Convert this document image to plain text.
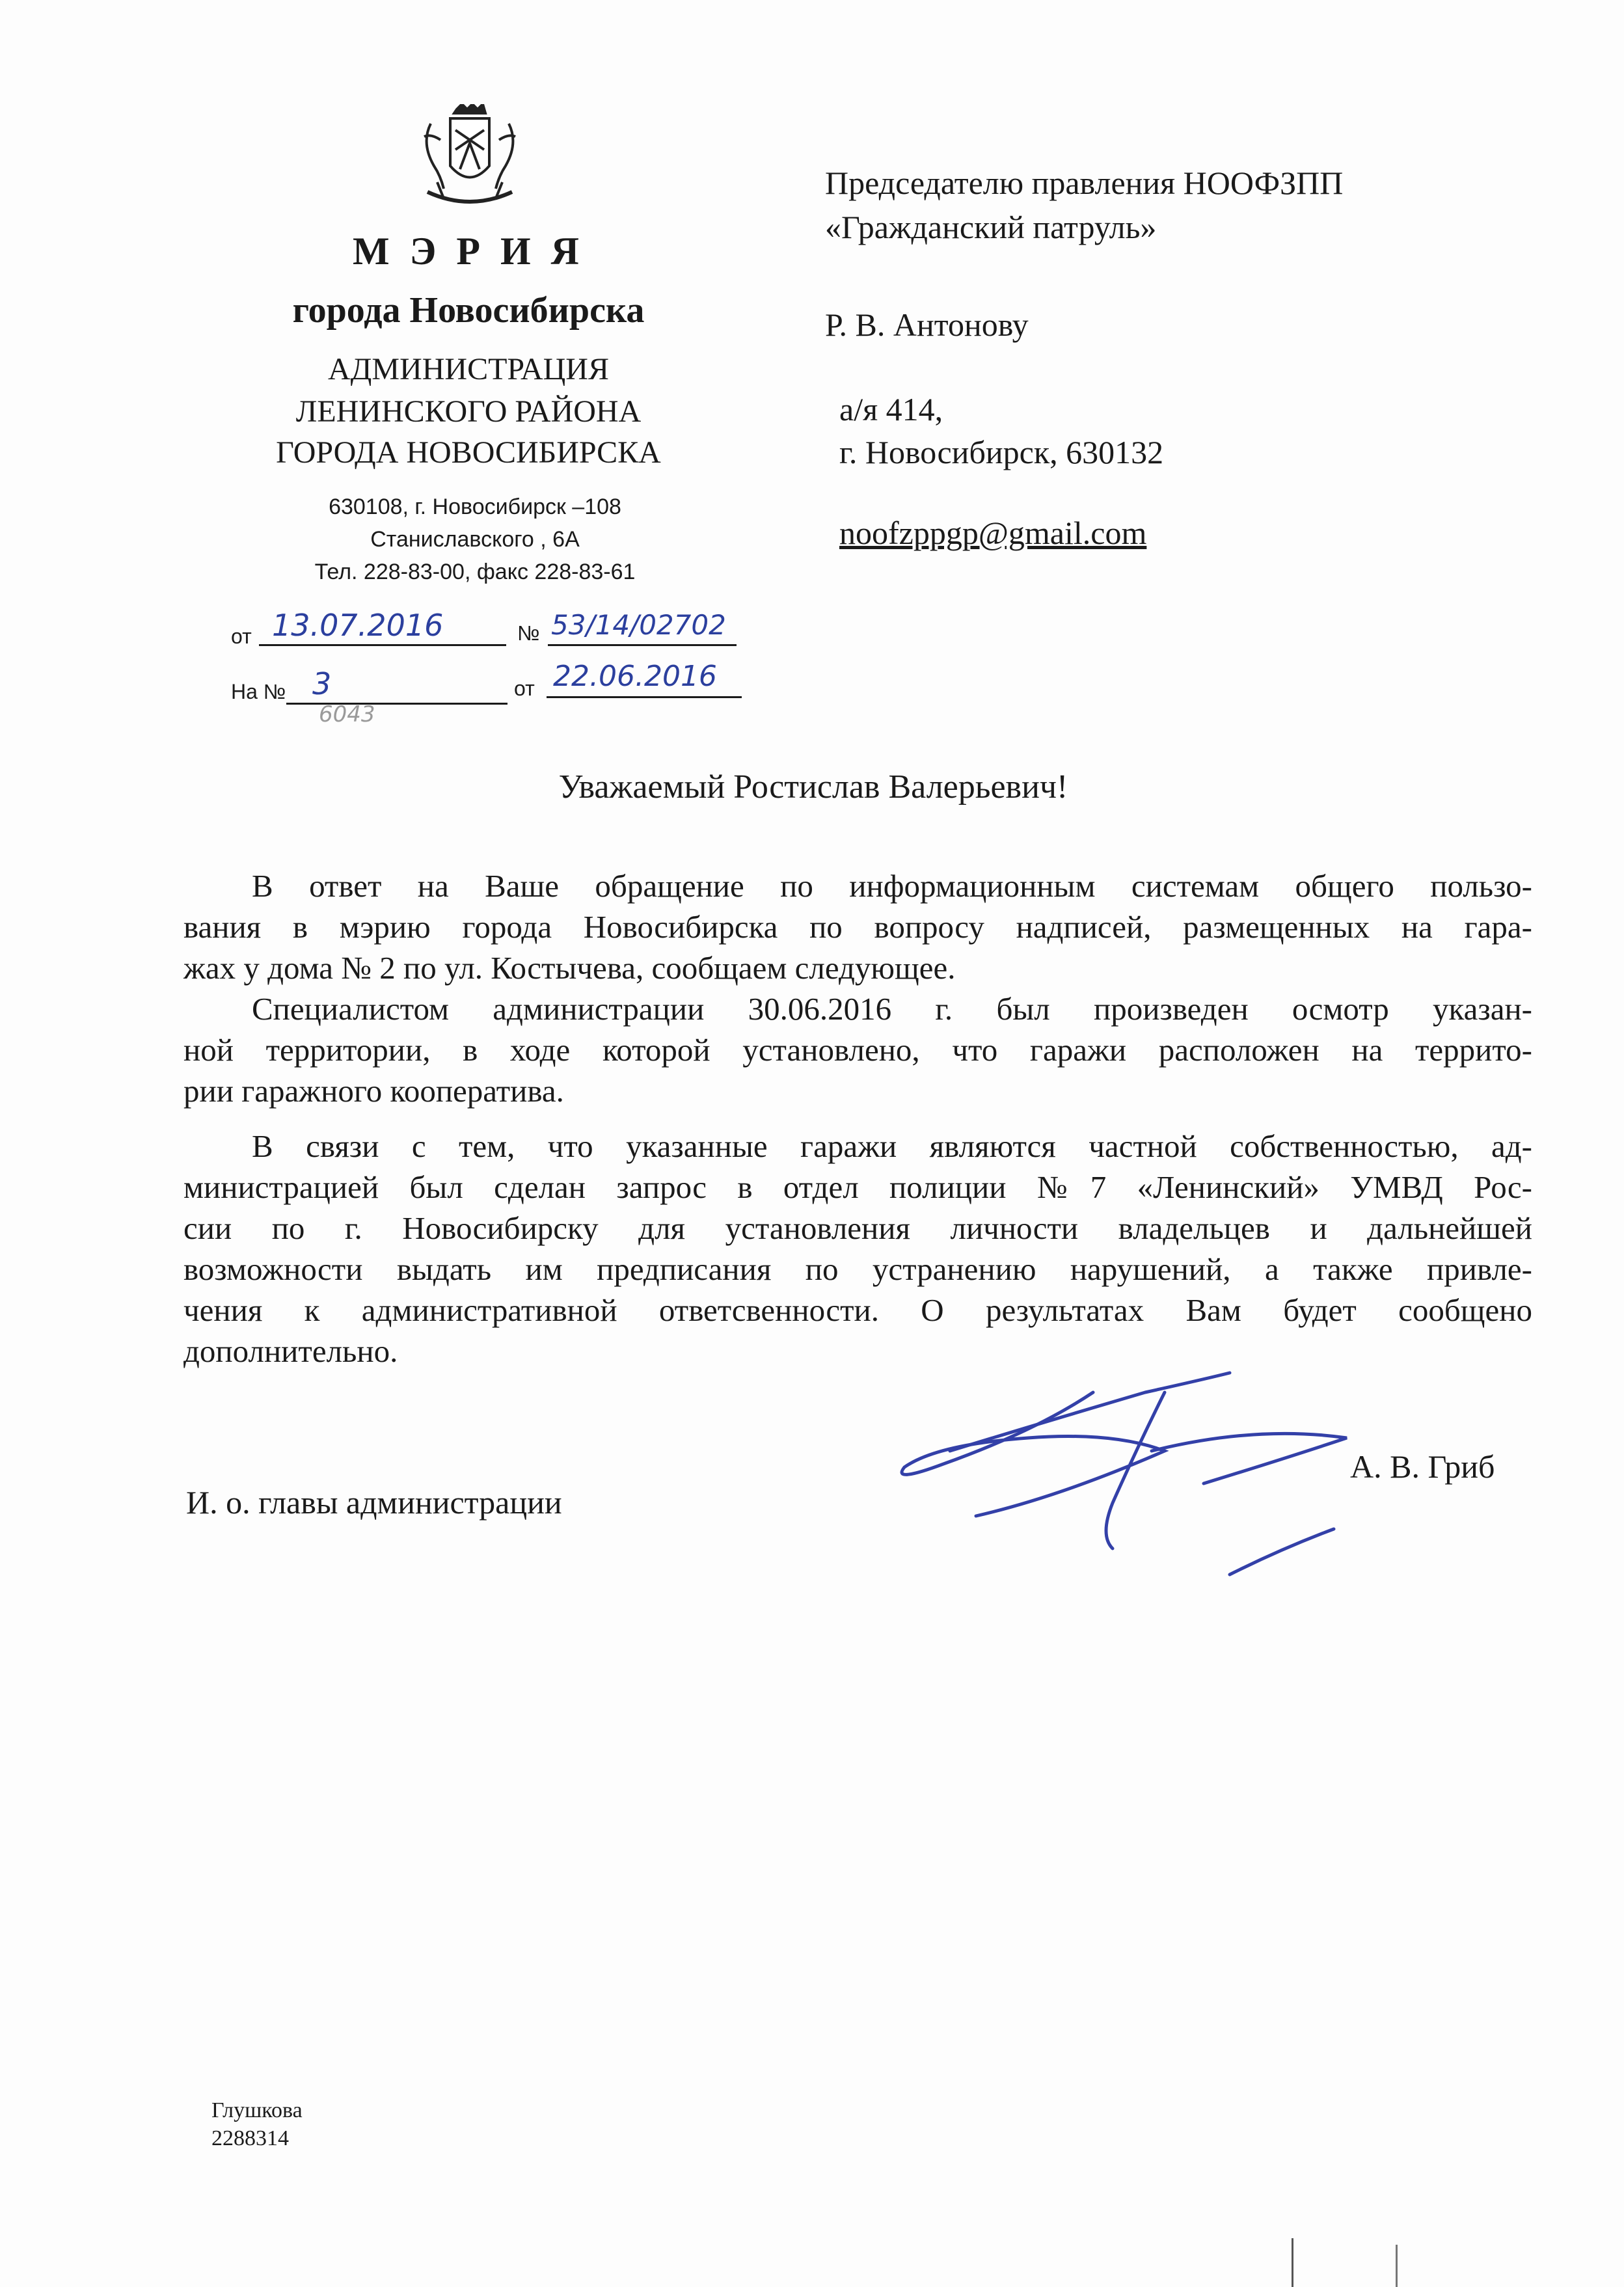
М Э Р И Я
города Новосибирска
АДМИНИСТРАЦИЯ
ЛЕНИНСКОГО РАЙОНА
ГОРОДА НОВОСИБИРСКА
630108, г. Новосибирск –108
Станиславского , 6А
Тел. 228-83-00, факс 228-83-61
от 13.07.2016	№ 53/14/02702
На № 3	от 22.06.2016
6043
Председателю правления НООФЗПП
«Гражданский патруль»
Р. В. Антонову
а/я 414,
г. Новосибирск, 630132
noofzppgp@gmail.com
Уважаемый Ростислав Валерьевич!
В ответ на Ваше обращение по информационным системам общего пользо-
вания в мэрию города Новосибирска по вопросу надписей, размещенных на гара-
жах у дома № 2 по ул. Костычева, сообщаем следующее.
Специалистом администрации 30.06.2016 г. был произведен осмотр указан-
ной территории, в ходе которой установлено, что гаражи расположен на террито-
рии гаражного кооператива.
В связи с тем, что указанные гаражи являются частной собственностью, ад-
министрацией был сделан запрос в отдел полиции №7 «Ленинский» УМВД Рос-
сии по г. Новосибирску для установления личности владельцев и дальнейшей
возможности выдать им предписания по устранению нарушений, а также привле-
чения к административной ответсвенности. О результатах Вам будет сообщено
дополнительно.
И. о. главы администрации
А. В. Гриб
Глушкова
2288314
